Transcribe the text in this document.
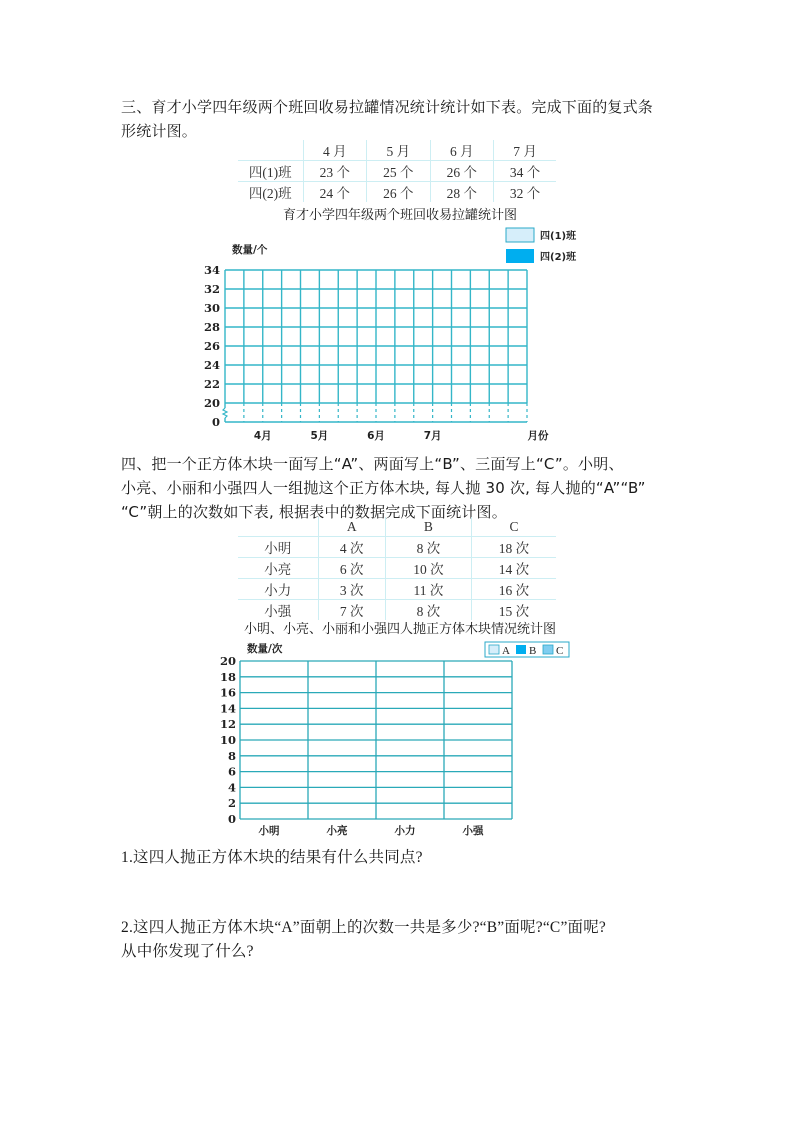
三、育才小学四年级两个班回收易拉罐情况统计统计如下表。完成下面的复式条
形统计图。
	4 月	5 月	6 月	7 月
四(1)班	23 个	25 个	26 个	34 个
四(2)班	24 个	26 个	28 个	32 个
育才小学四年级两个班回收易拉罐统计图
34
32
30
28
26
24
22
20
0
数量/个
4月	5月	6月	7月	月份
四(1)班
四(2)班
四、把一个正方体木块一面写上“A”、两面写上“B”、三面写上“C”。小明、
小亮、小丽和小强四人一组抛这个正方体木块, 每人抛 30 次, 每人抛的“A”“B”
“C”朝上的次数如下表, 根据表中的数据完成下面统计图。
	A	B	C
小明	4 次	8 次	18 次
小亮	6 次	10 次	14 次
小力	3 次	11 次	16 次
小强	7 次	8 次	15 次
小明、小亮、小丽和小强四人抛正方体木块情况统计图
20
18
16
14
12
10
8
6
4
2
0
小明	小亮	小力	小强
数量/次	A B C
1.这四人抛正方体木块的结果有什么共同点?
2.这四人抛正方体木块“A”面朝上的次数一共是多少?“B”面呢?“C”面呢?
从中你发现了什么?
